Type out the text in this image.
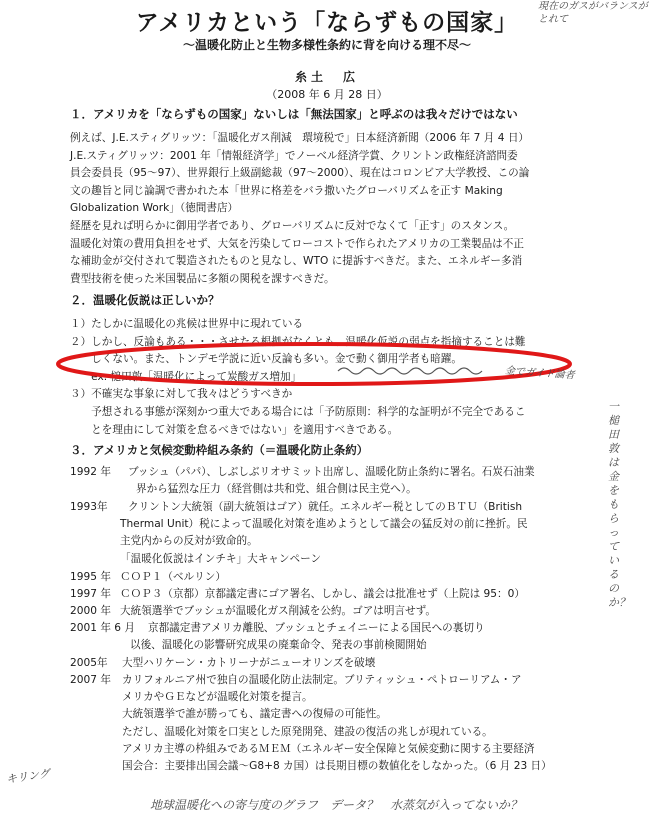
アメリカという「ならずもの国家」
〜温暖化防止と生物多様性条約に背を向ける理不尽〜
糸土　広
（2008 年 6 月 28 日）
１．アメリカを「ならずもの国家」ないしは「無法国家」と呼ぶのは我々だけではない
例えば、J.E.スティグリッツ：「温暖化ガス削減　環境税で」日本経済新聞（2006 年 7 月 4 日）
J.E.スティグリッツ：2001 年「情報経済学」でノーベル経済学賞、クリントン政権経済諮問委
員会委員長（95〜97）、世界銀行上級副総裁（97〜2000）、現在はコロンビア大学教授、この論
文の趣旨と同じ論調で書かれた本「世界に格差をバラ撒いたグローバリズムを正す Making
Globalization Work」（徳間書店）
経歴を見れば明らかに御用学者であり、グローバリズムに反対でなくて「正す」のスタンス。
温暖化対策の費用負担をせず、大気を汚染してローコストで作られたアメリカの工業製品は不正
な補助金が交付されて製造されたものと見なし、WTO に提訴すべきだ。また、エネルギー多消
費型技術を使った米国製品に多額の関税を課すべきだ。
２．温暖化仮説は正しいか？
１）たしかに温暖化の兆候は世界中に現れている
２）しかし、反論もある・・・させたる根拠がなくとも、温暖化仮説の弱点を指摘することは難
　　しくない。また、トンデモ学説に近い反論も多い。金で動く御用学者も暗躍。
　　ex. 槌田敦「温暖化によって炭酸ガス増加」
３）不確実な事象に対して我々はどうすべきか
　　予想される事態が深刻かつ重大である場合には「予防原則：科学的な証明が不完全であるこ
　　とを理由にして対策を怠るべきではない」を適用すべきである。
３．アメリカと気候変動枠組み条約（＝温暖化防止条約）
1992 年 ブッシュ（パパ）、しぶしぶリオサミット出席し、温暖化防止条約に署名。石炭石油業
界から猛烈な圧力（経営側は共和党、組合側は民主党へ）。
1993年 クリントン大統領（副大統領はゴア）就任。エネルギー税としてのＢＴＵ（British
Thermal Unit）税によって温暖化対策を進めようとして議会の猛反対の前に挫折。民
主党内からの反対が致命的。
「温暖化仮説はインチキ」大キャンペーン
1995 年 ＣＯＰ１（ベルリン）
1997 年 ＣＯＰ３（京都）京都議定書にゴア署名、しかし、議会は批准せず（上院は 95：0）
2000 年 大統領選挙でブッシュが温暖化ガス削減を公約。ゴアは明言せず。
2001 年 6 月 京都議定書アメリカ離脱、ブッシュとチェイニーによる国民への裏切り
以後、温暖化の影響研究成果の廃棄命令、発表の事前検閲開始
2005年 大型ハリケーン・カトリーナがニューオリンズを破壊
2007 年 カリフォルニア州で独自の温暖化防止法制定。ブリティッシュ・ペトローリアム・ア
メリカやＧＥなどが温暖化対策を提言。
大統領選挙で誰が勝っても、議定書への復帰の可能性。
ただし、温暖化対策を口実とした原発開発、建設の復活の兆しが現れている。
アメリカ主導の枠組みであるＭＥＭ（エネルギー安全保障と気候変動に関する主要経済
国会合：主要排出国会議〜G8+8 カ国）は長期目標の数値化をしなかった。（6 月 23 日）
現在のガスがバランスがとれて
金でガイド論者
一槌田敦は金をもらっているのか？
キリング
地球温暖化への寄与度のグラフ　データ？　水蒸気が入ってないか？
